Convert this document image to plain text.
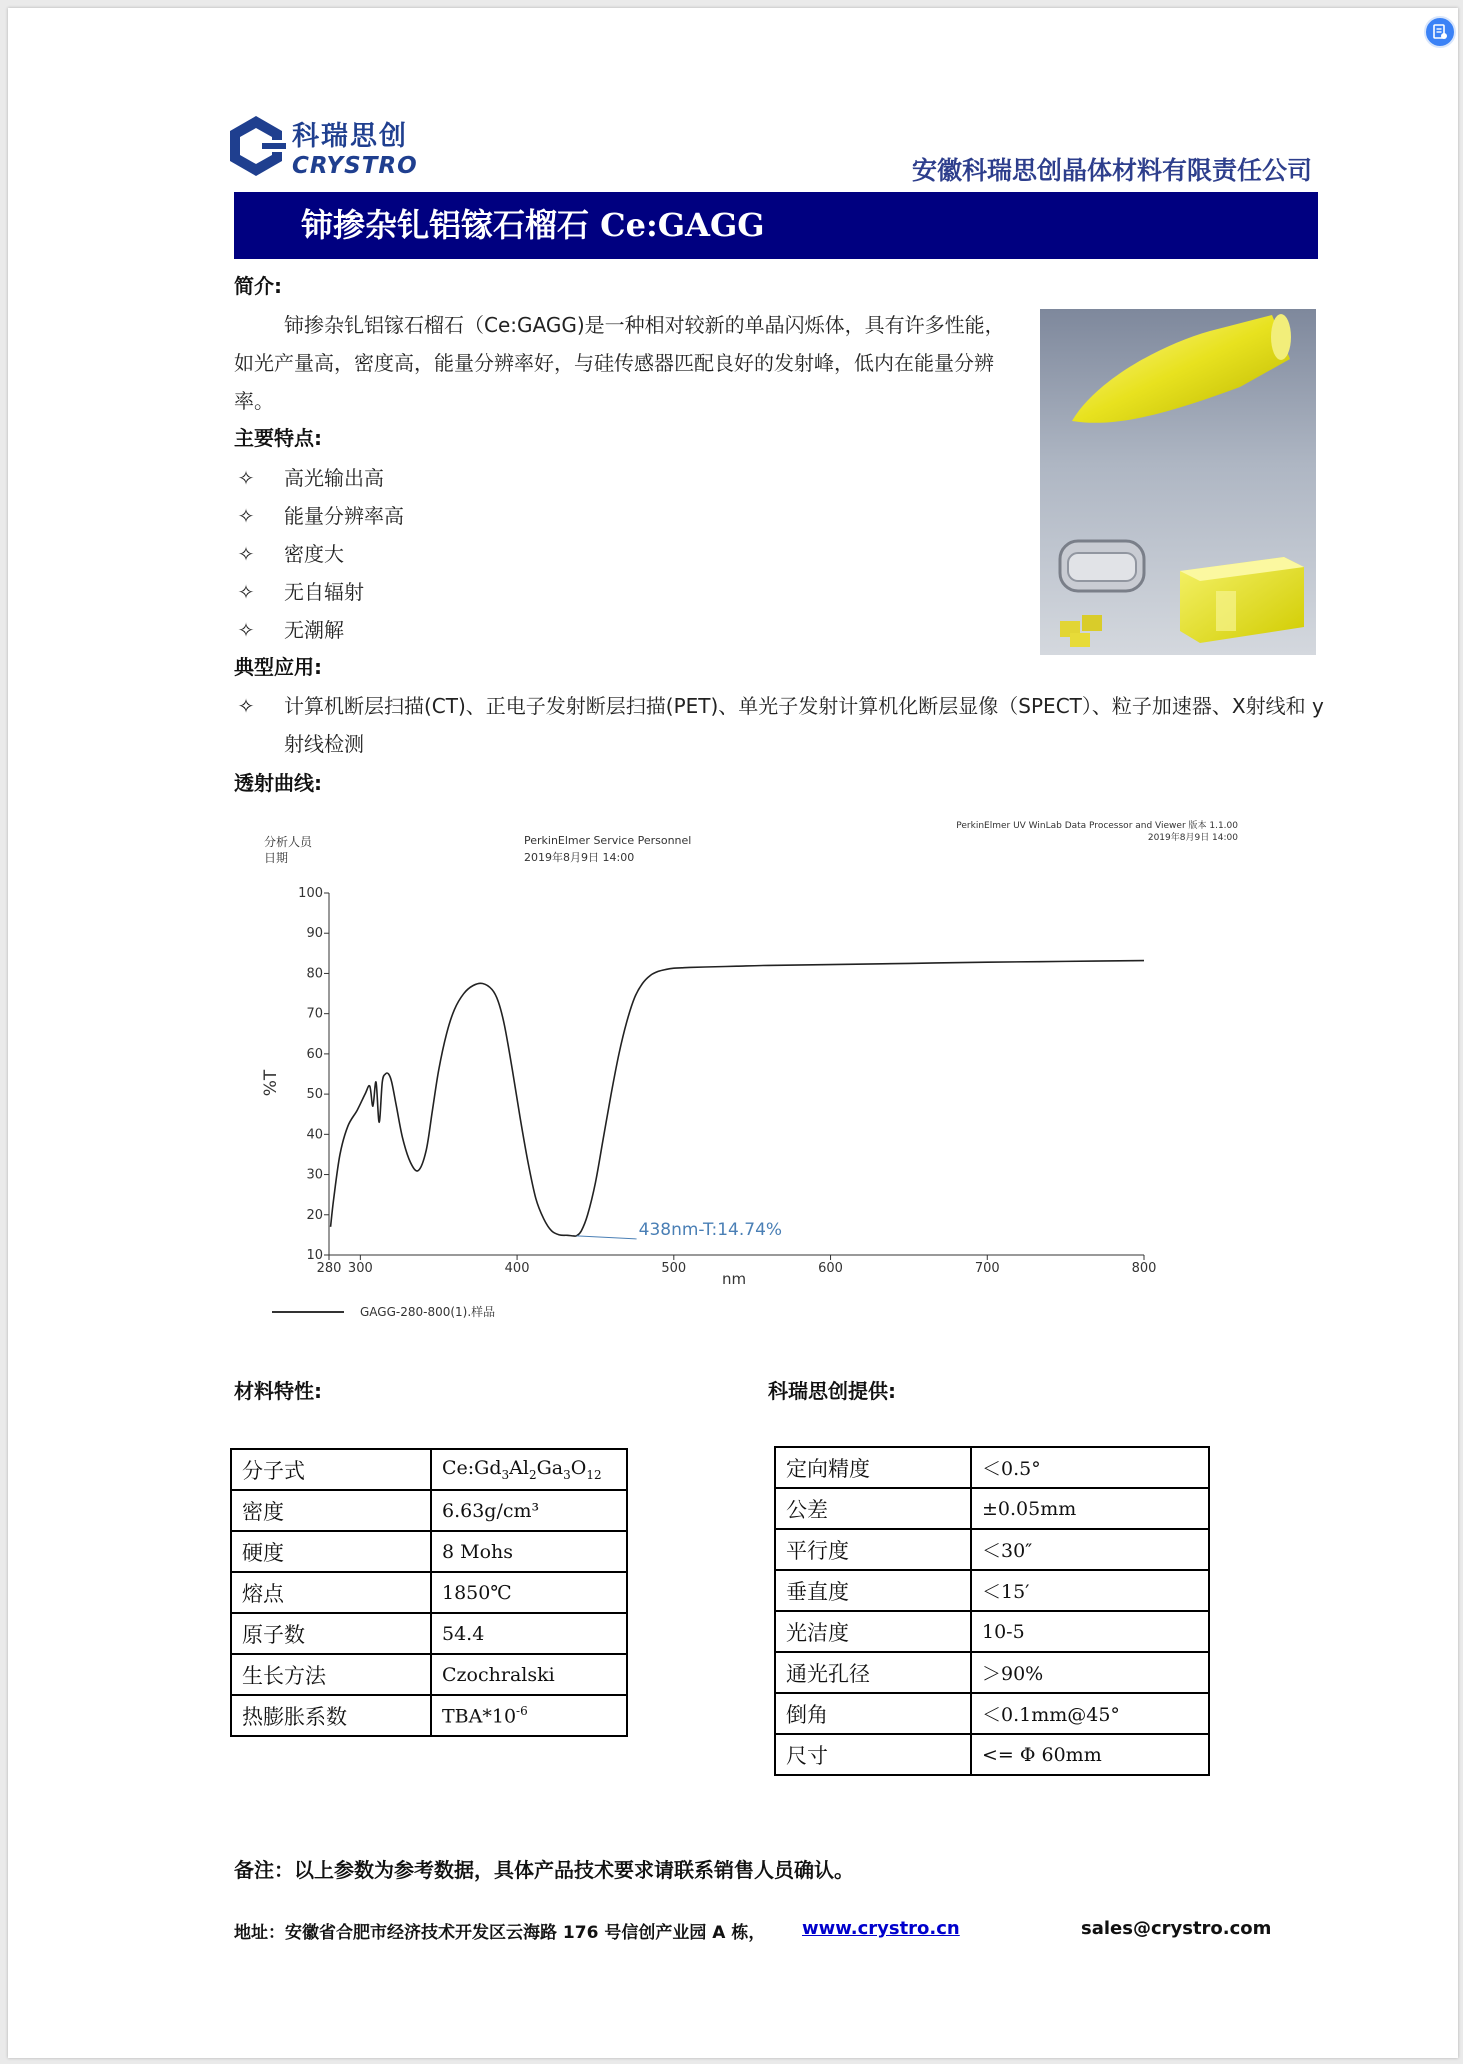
科瑞思创
CRYSTRO	安徽科瑞思创晶体材料有限责任公司
铈掺杂钆铝镓石榴石 Ce:GAGG
简介:
铈掺杂钆铝镓石榴石（Ce:GAGG)是一种相对较新的单晶闪烁体，具有许多性能，如光产量高，密度高，能量分辨率好，与硅传感器匹配良好的发射峰，低内在能量分辨率。
主要特点:
✧ 高光输出高
✧ 能量分辨率高
✧ 密度大
✧ 无自辐射
✧ 无潮解
典型应用:
✧ 计算机断层扫描(CT)、正电子发射断层扫描(PET)、单光子发射计算机化断层显像（SPECT）、粒子加速器、X射线和 y 射线检测
透射曲线:
分析人员
日期
PerkinElmer Service Personnel
2019年8月9日 14:00
PerkinElmer UV WinLab Data Processor and Viewer 版本 1.1.00
2019年8月9日 14:00
%T
nm
GAGG-280-800(1).样品
10
20
30
40
50
60
70
80
90
100
280 300	400	500	600	700	800
438nm-T:14.74%
材料特性:
分子式	$Ce:Gd_3Al_2Ga_3O_{12}$
密度	6.63g/cm³
硬度	8 Mohs
熔点	1850℃
原子数	54.4
生长方法	Czochralski
热膨胀系数	$TBA*10^{-6}$
科瑞思创提供:
定向精度	＜0.5°
公差	±0.05mm
平行度	＜30″
垂直度	＜15′
光洁度	10-5
通光孔径	＞90%
倒角	＜0.1mm@45°
尺寸	<= Φ 60mm
备注：以上参数为参考数据，具体产品技术要求请联系销售人员确认。
地址：安徽省合肥市经济技术开发区云海路 176 号信创产业园 A 栋， www.crystro.cn	sales@crystro.com
